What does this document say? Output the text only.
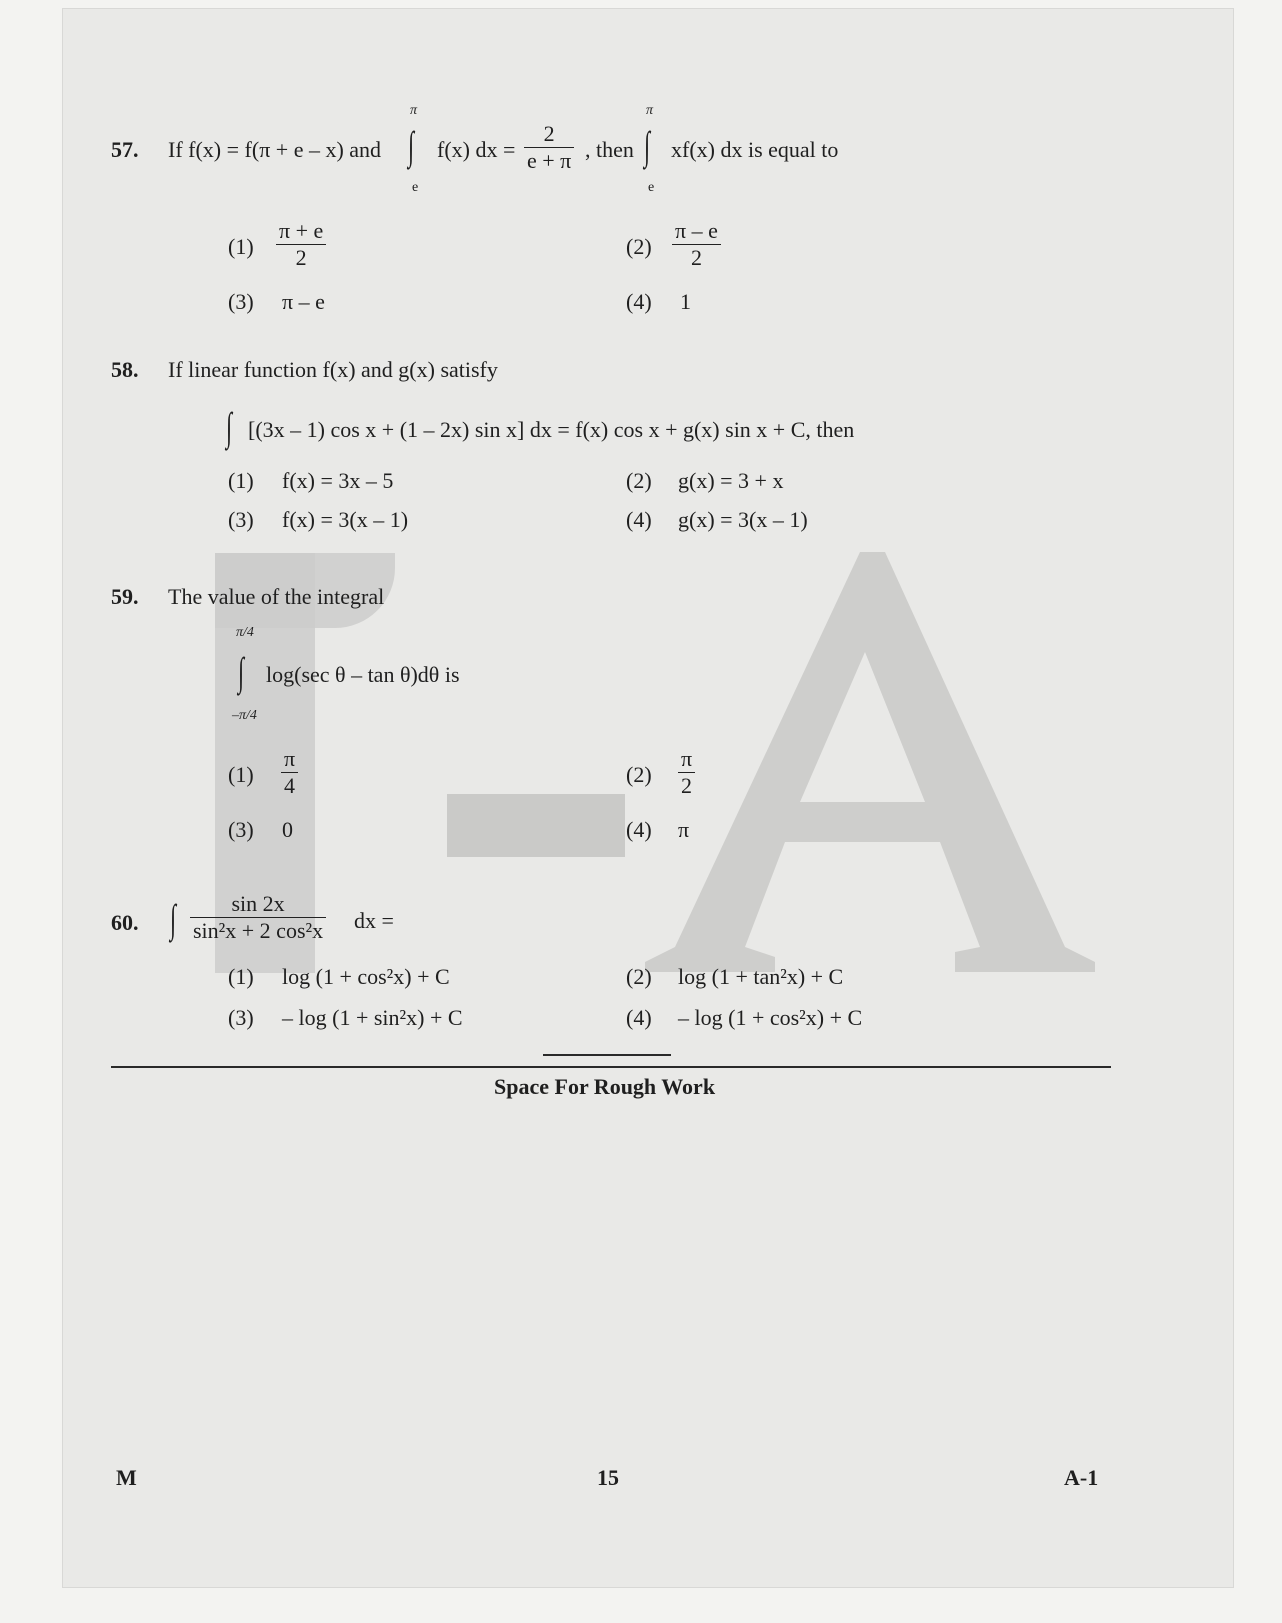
57. If f(x) = f(π + e – x) and
π
∫
e
f(x) dx = $\frac{2}{e + \pi}$ , then
π
∫
e
xf(x) dx is equal to
$(1) \frac{\pi + e}{2}$	$(2) \frac{\pi - e}{2}$
(3) π – e	(4) 1
58. If linear function f(x) and g(x) satisfy
∫ [(3x – 1) cos x + (1 – 2x) sin x] dx = f(x) cos x + g(x) sin x + C, then
(1) f(x) = 3x – 5	(2) g(x) = 3 + x
(3) f(x) = 3(x – 1)	(4) g(x) = 3(x – 1)
59. The value of the integral
π/4
∫
–π/4
log(sec θ – tan θ)dθ is
$(1) \frac{\pi}{4}$	$(2) \frac{\pi}{2}$
(3) 0	(4) π
60. ∫ $\frac{\sin 2x}{\text{sin²x + 2 cos²x}}$ dx =
(1) log (1 + cos²x) + C	(2) log (1 + tan²x) + C
(3) – log (1 + sin²x) + C	(4) – log (1 + cos²x) + C
Space For Rough Work
M	15	A-1
